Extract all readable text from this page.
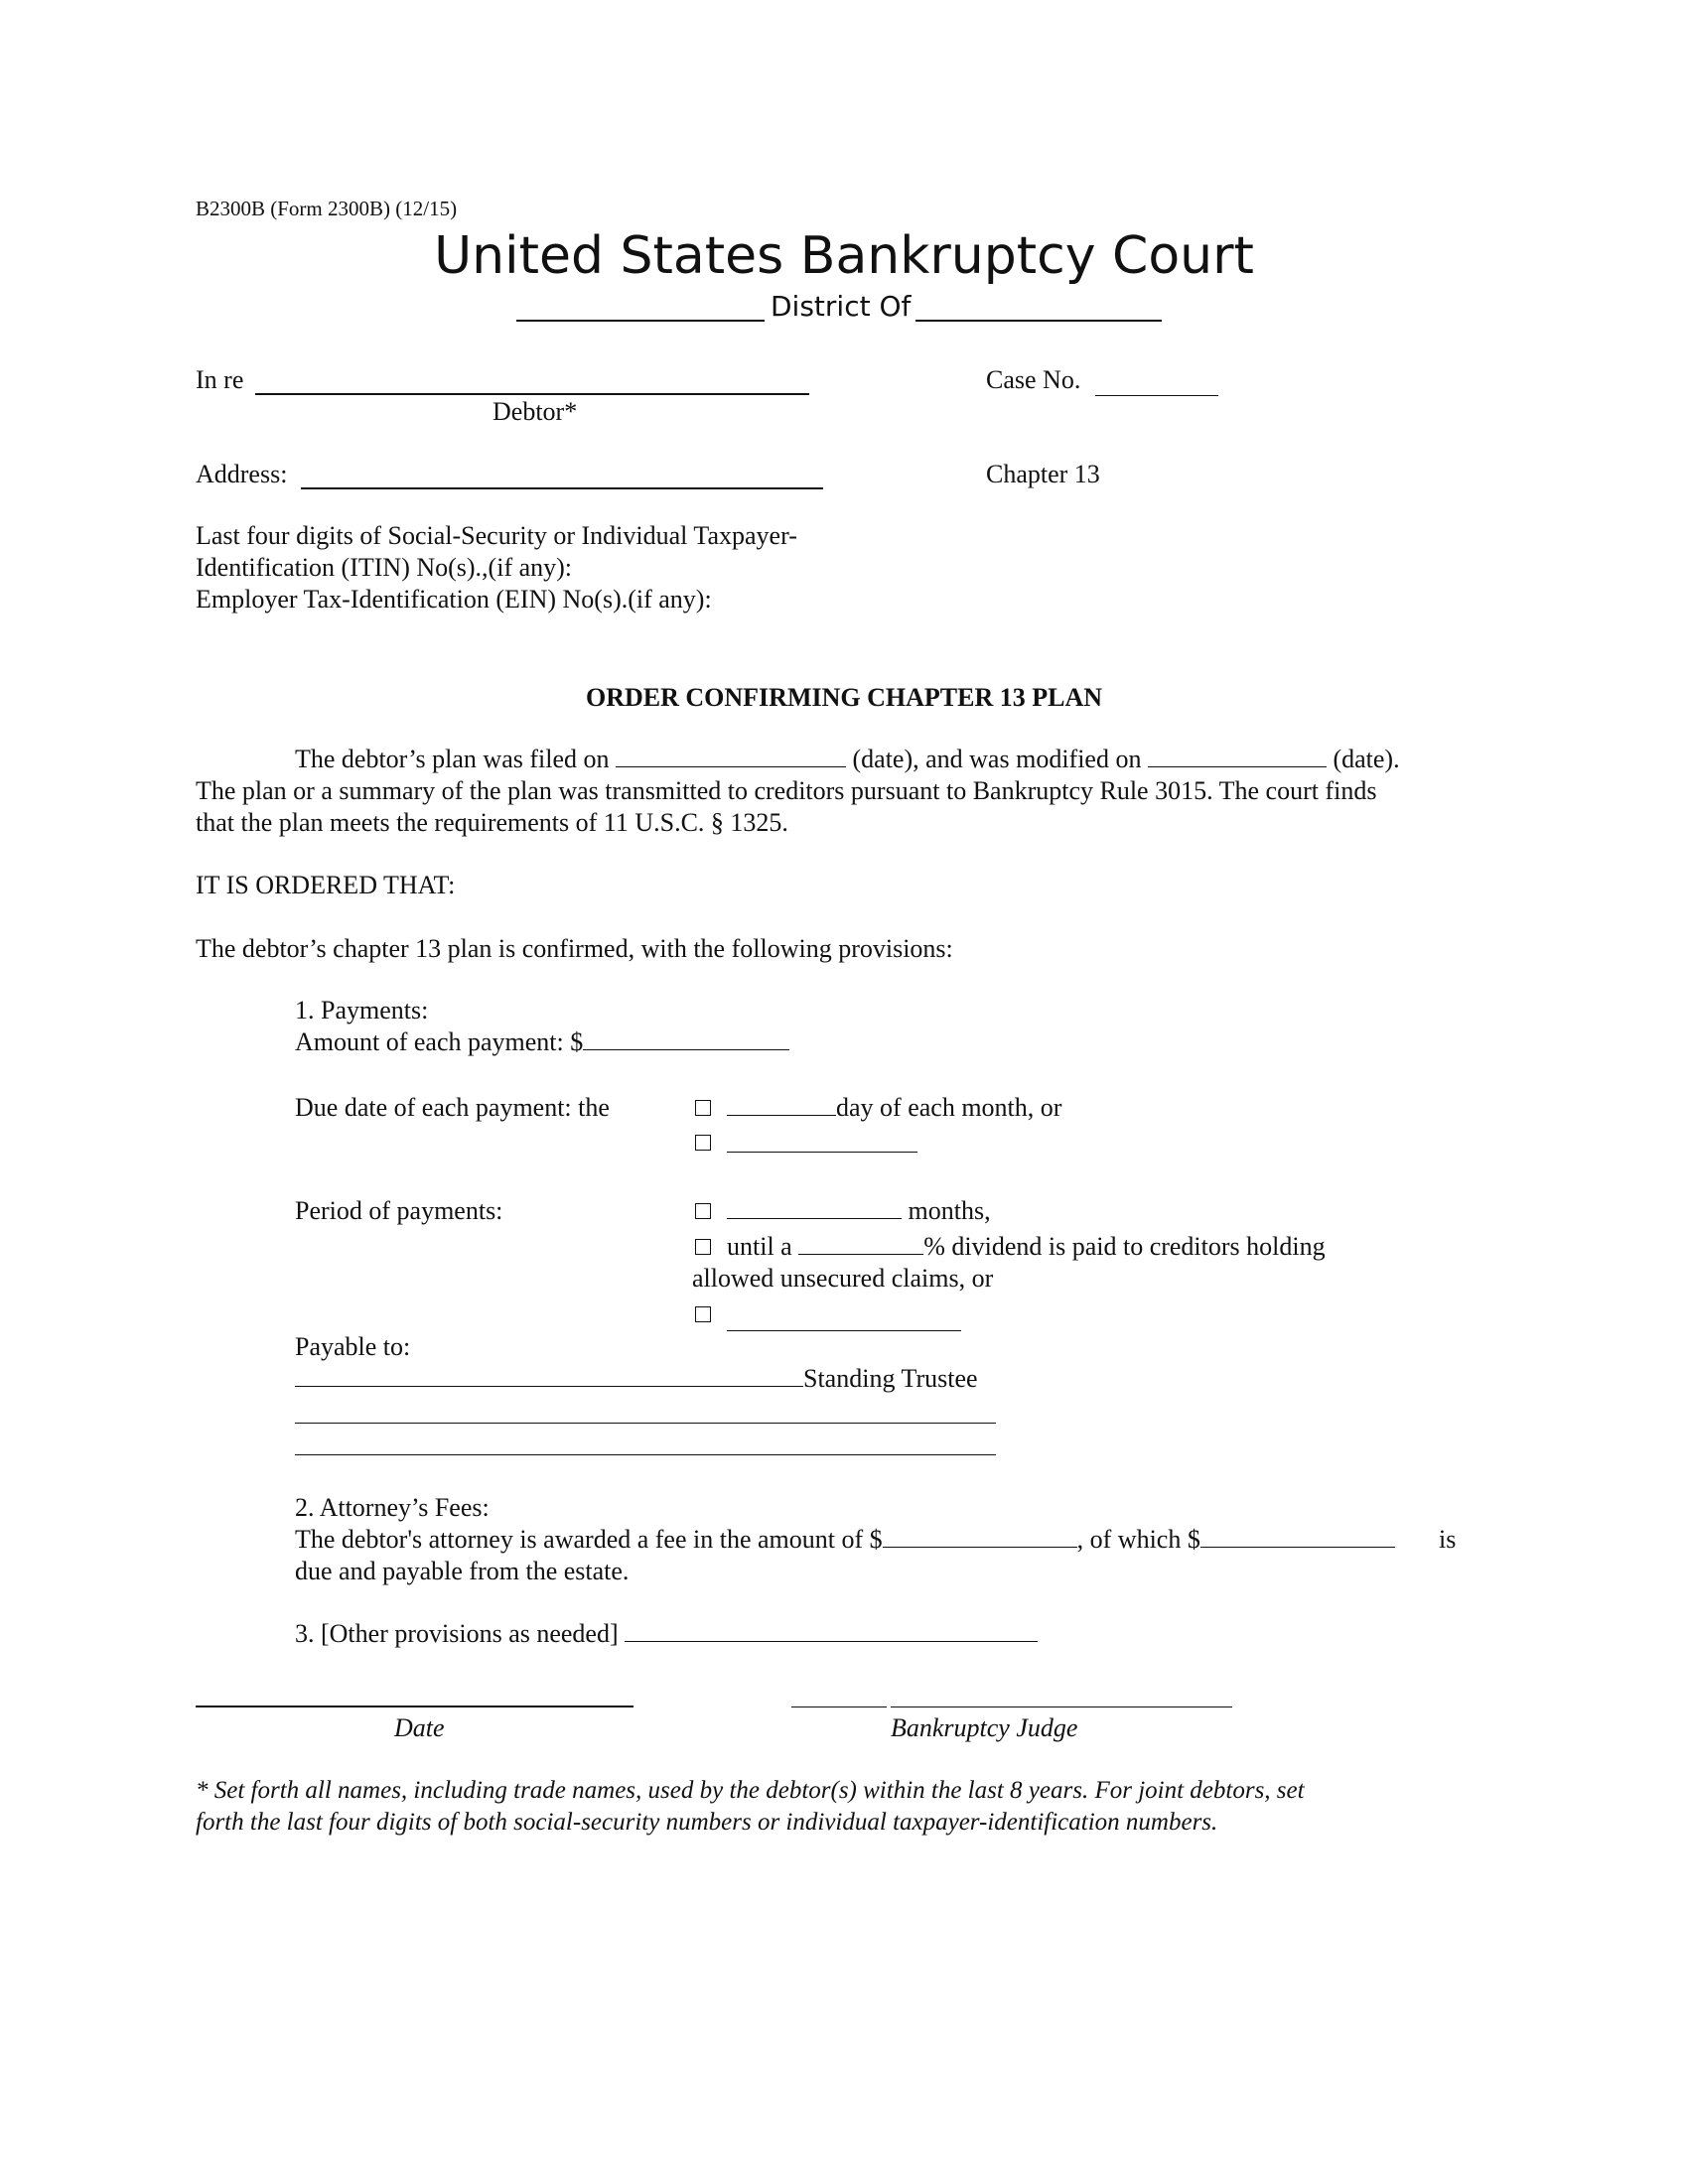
B2300B (Form 2300B) (12/15)
United States Bankruptcy Court
District Of
In re
Debtor*
Case No.
Address:	Chapter 13
Last four digits of Social-Security or Individual Taxpayer-
Identification (ITIN) No(s).,(if any):
Employer Tax-Identification (EIN) No(s).(if any):
ORDER CONFIRMING CHAPTER 13 PLAN
The debtor’s plan was filed on	(date), and was modified on	(date).
The plan or a summary of the plan was transmitted to creditors pursuant to Bankruptcy Rule 3015. The court finds
that the plan meets the requirements of 11 U.S.C. § 1325.
IT IS ORDERED THAT:
The debtor’s chapter 13 plan is confirmed, with the following provisions:
1. Payments:
Amount of each payment: $
Due date of each payment: the	day of each month, or
Period of payments:	months,
until a	% dividend is paid to creditors holding
allowed unsecured claims, or
Payable to:
Standing Trustee
2. Attorney’s Fees:
The debtor's attorney is awarded a fee in the amount of $	, of which $	is
due and payable from the estate.
3. [Other provisions as needed]
Date	Bankruptcy Judge
* Set forth all names, including trade names, used by the debtor(s) within the last 8 years. For joint debtors, set
forth the last four digits of both social-security numbers or individual taxpayer-identification numbers.
